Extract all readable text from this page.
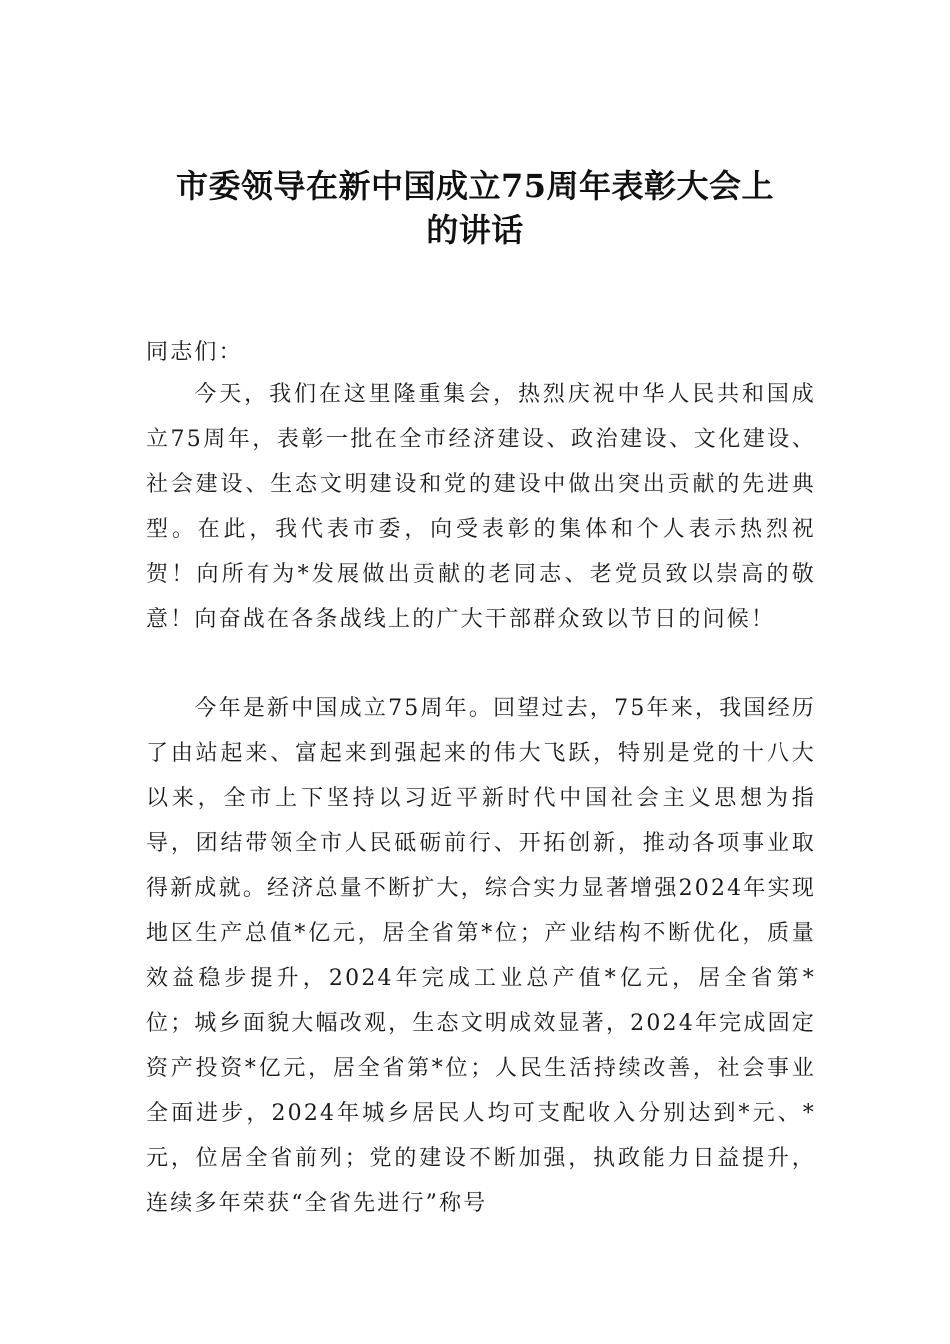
市委领导在新中国成立75周年表彰大会上
的讲话
同志们：

今天，我们在这里隆重集会，热烈庆祝中华人民共和国成立75周年，表彰一批在全市经济建设、政治建设、文化建设、社会建设、生态文明建设和党的建设中做出突出贡献的先进典型。在此，我代表市委，向受表彰的集体和个人表示热烈祝贺！向所有为*发展做出贡献的老同志、老党员致以崇高的敬意！向奋战在各条战线上的广大干部群众致以节日的问候！

今年是新中国成立75周年。回望过去，75年来，我国经历了由站起来、富起来到强起来的伟大飞跃，特别是党的十八大以来，全市上下坚持以习近平新时代中国社会主义思想为指导，团结带领全市人民砥砺前行、开拓创新，推动各项事业取得新成就。经济总量不断扩大，综合实力显著增强2024年实现地区生产总值*亿元，居全省第*位；产业结构不断优化，质量效益稳步提升，2024年完成工业总产值*亿元，居全省第*位；城乡面貌大幅改观，生态文明成效显著，2024年完成固定资产投资*亿元，居全省第*位；人民生活持续改善，社会事业全面进步，2024年城乡居民人均可支配收入分别达到*元、*元，位居全省前列；党的建设不断加强，执政能力日益提升，连续多年荣获“全省先进行”称号
